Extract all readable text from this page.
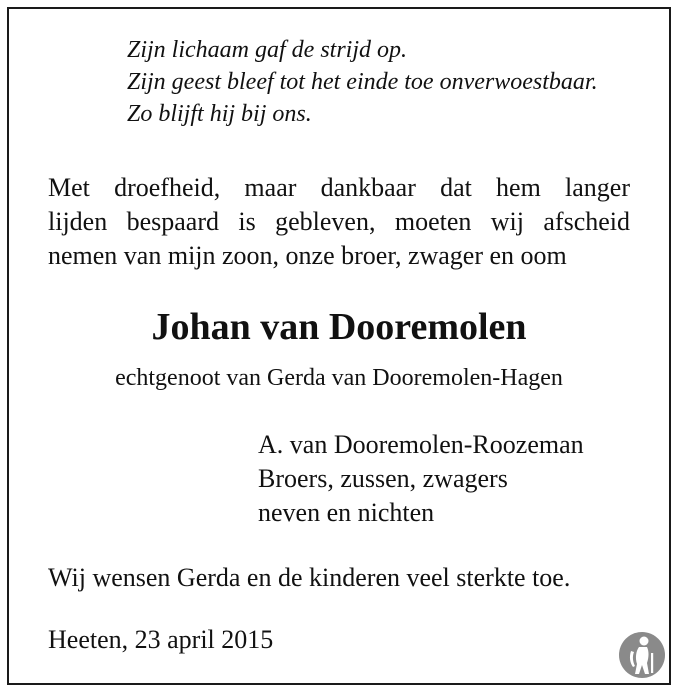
Zijn lichaam gaf de strijd op.
Zijn geest bleef tot het einde toe onverwoestbaar.
Zo blijft hij bij ons.
Met droefheid, maar dankbaar dat hem langer
lijden bespaard is gebleven, moeten wij afscheid
nemen van mijn zoon, onze broer, zwager en oom
Johan van Dooremolen
echtgenoot van Gerda van Dooremolen-Hagen
A. van Dooremolen-Roozeman
Broers, zussen, zwagers
neven en nichten
Wij wensen Gerda en de kinderen veel sterkte toe.
Heeten, 23 april 2015
